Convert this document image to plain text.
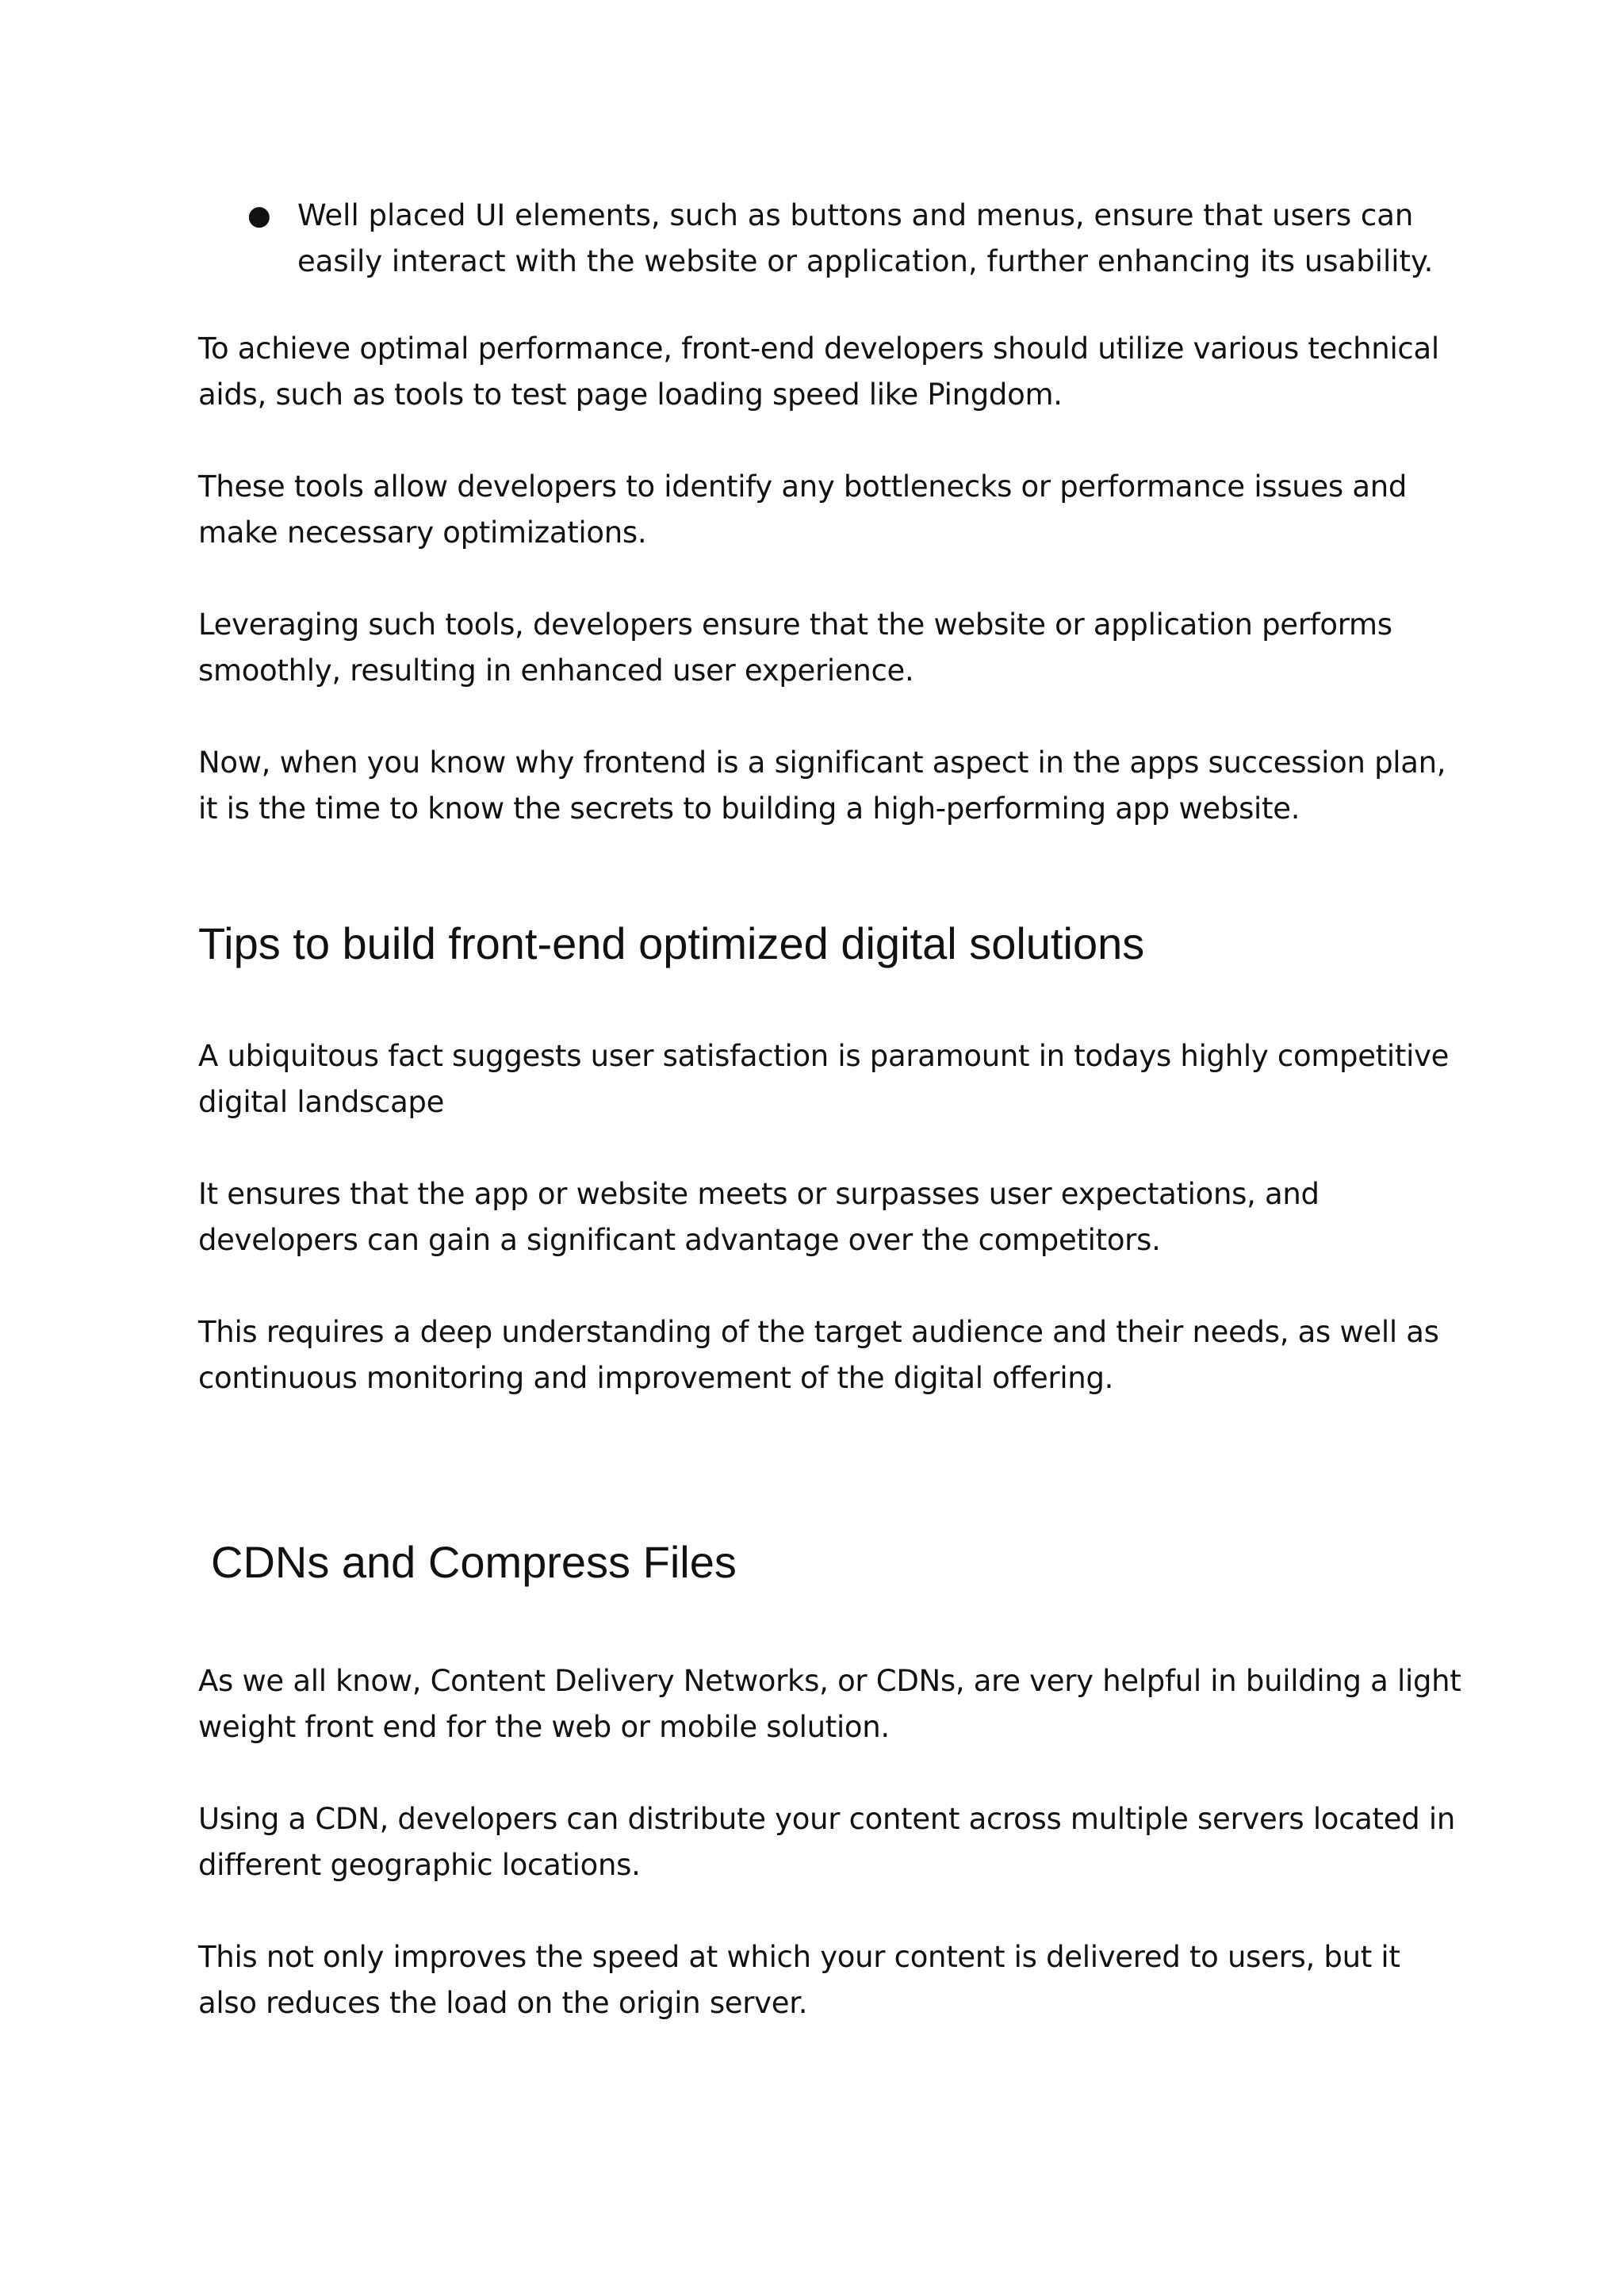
● Well placed UI elements, such as buttons and menus, ensure that users can easily interact with the website or application, further enhancing its usability.

To achieve optimal performance, front-end developers should utilize various technical aids, such as tools to test page loading speed like Pingdom.

These tools allow developers to identify any bottlenecks or performance issues and make necessary optimizations.

Leveraging such tools, developers ensure that the website or application performs smoothly, resulting in enhanced user experience.

Now, when you know why frontend is a significant aspect in the apps succession plan, it is the time to know the secrets to building a high-performing app website.

Tips to build front-end optimized digital solutions

A ubiquitous fact suggests user satisfaction is paramount in todays highly competitive digital landscape

It ensures that the app or website meets or surpasses user expectations, and developers can gain a significant advantage over the competitors.

This requires a deep understanding of the target audience and their needs, as well as continuous monitoring and improvement of the digital offering.

CDNs and Compress Files

As we all know, Content Delivery Networks, or CDNs, are very helpful in building a light weight front end for the web or mobile solution.

Using a CDN, developers can distribute your content across multiple servers located in different geographic locations.

This not only improves the speed at which your content is delivered to users, but it also reduces the load on the origin server.
